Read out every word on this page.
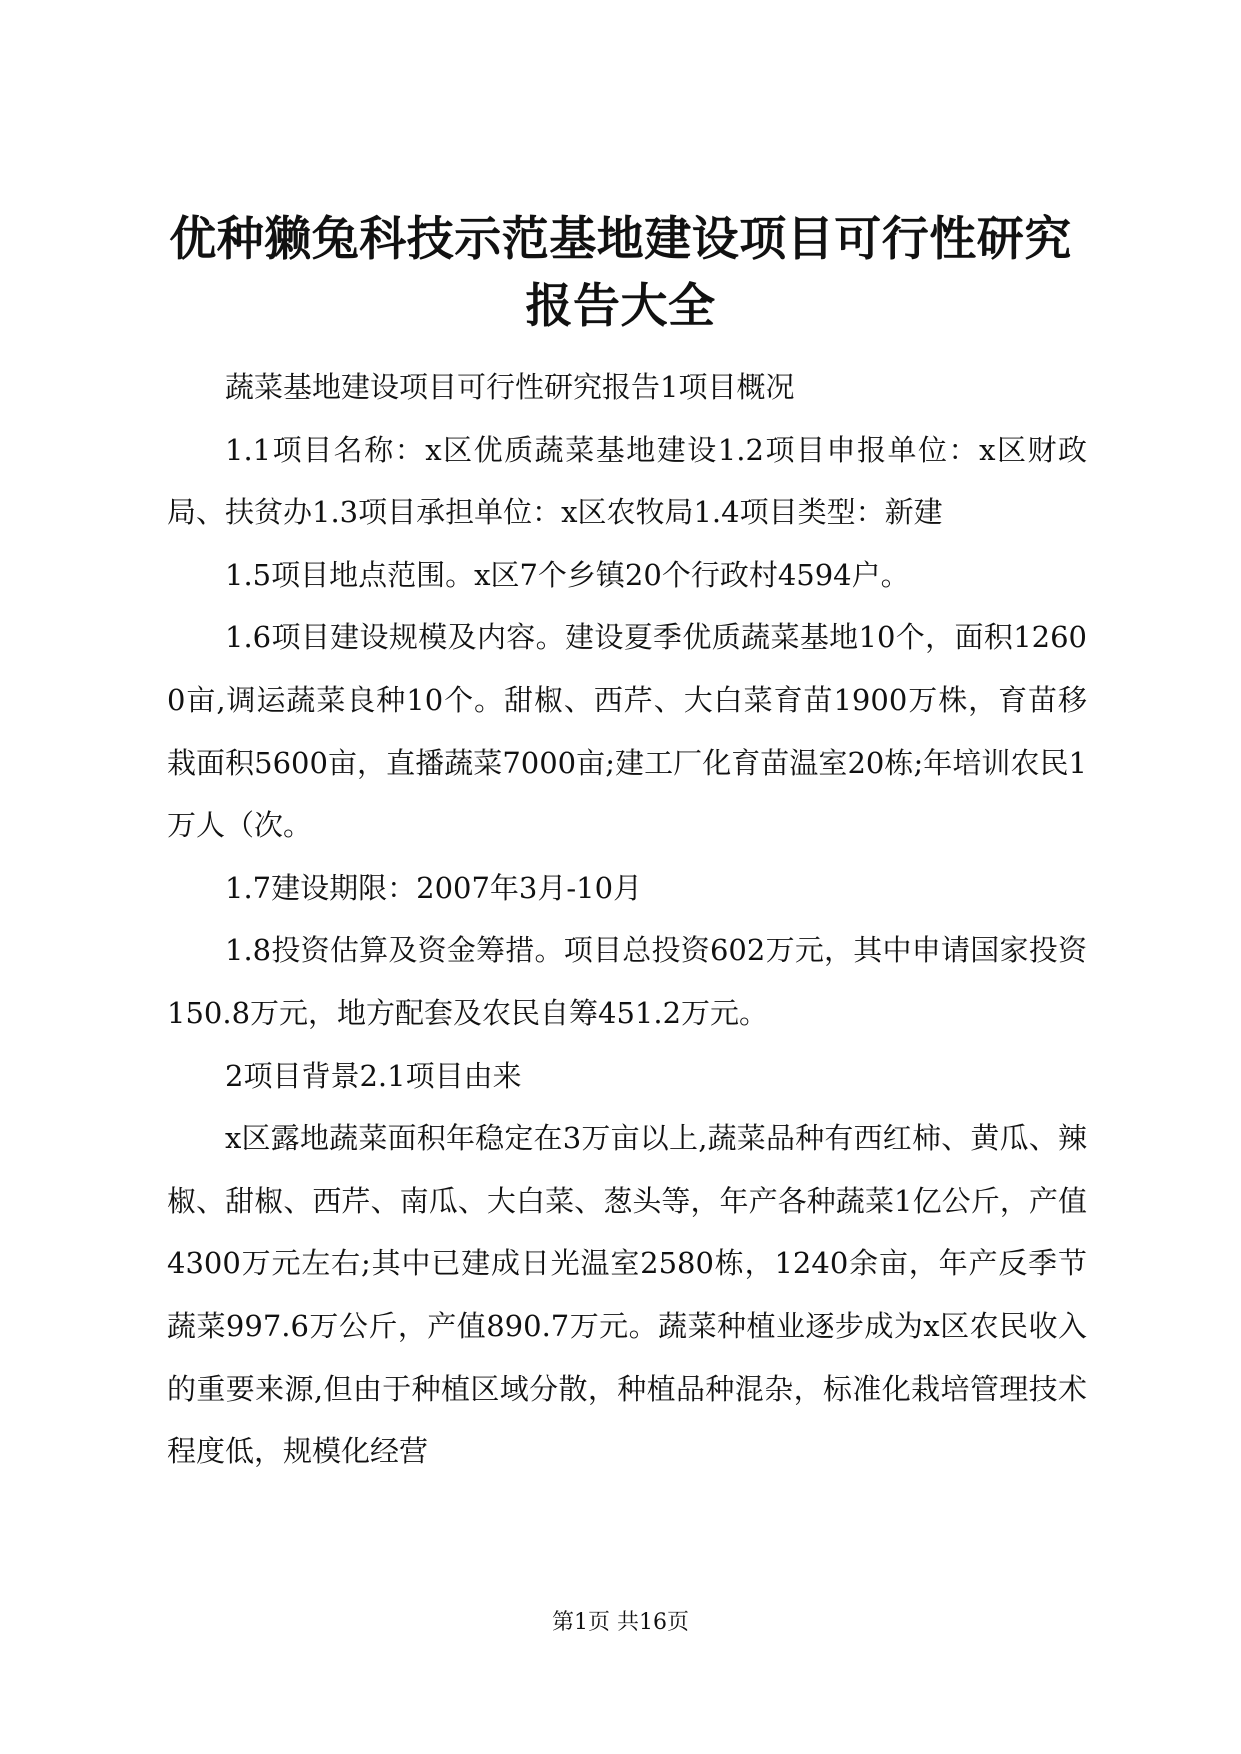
优种獭兔科技示范基地建设项目可行性研究报告大全

蔬菜基地建设项目可行性研究报告1项目概况

1.1项目名称：x区优质蔬菜基地建设1.2项目申报单位：x区财政局、扶贫办1.3项目承担单位：x区农牧局1.4项目类型：新建

1.5项目地点范围。x区7个乡镇20个行政村4594户。

1.6项目建设规模及内容。建设夏季优质蔬菜基地10个，面积12600亩,调运蔬菜良种10个。甜椒、西芹、大白菜育苗1900万株，育苗移栽面积5600亩，直播蔬菜7000亩;建工厂化育苗温室20栋;年培训农民1万人（次。

1.7建设期限：2007年3月-10月

1.8投资估算及资金筹措。项目总投资602万元，其中申请国家投资150.8万元，地方配套及农民自筹451.2万元。

2项目背景2.1项目由来

x区露地蔬菜面积年稳定在3万亩以上,蔬菜品种有西红柿、黄瓜、辣椒、甜椒、西芹、南瓜、大白菜、葱头等，年产各种蔬菜1亿公斤，产值4300万元左右;其中已建成日光温室2580栋，1240余亩，年产反季节蔬菜997.6万公斤，产值890.7万元。蔬菜种植业逐步成为x区农民收入的重要来源,但由于种植区域分散，种植品种混杂，标准化栽培管理技术程度低，规模化经营

第1页 共16页
